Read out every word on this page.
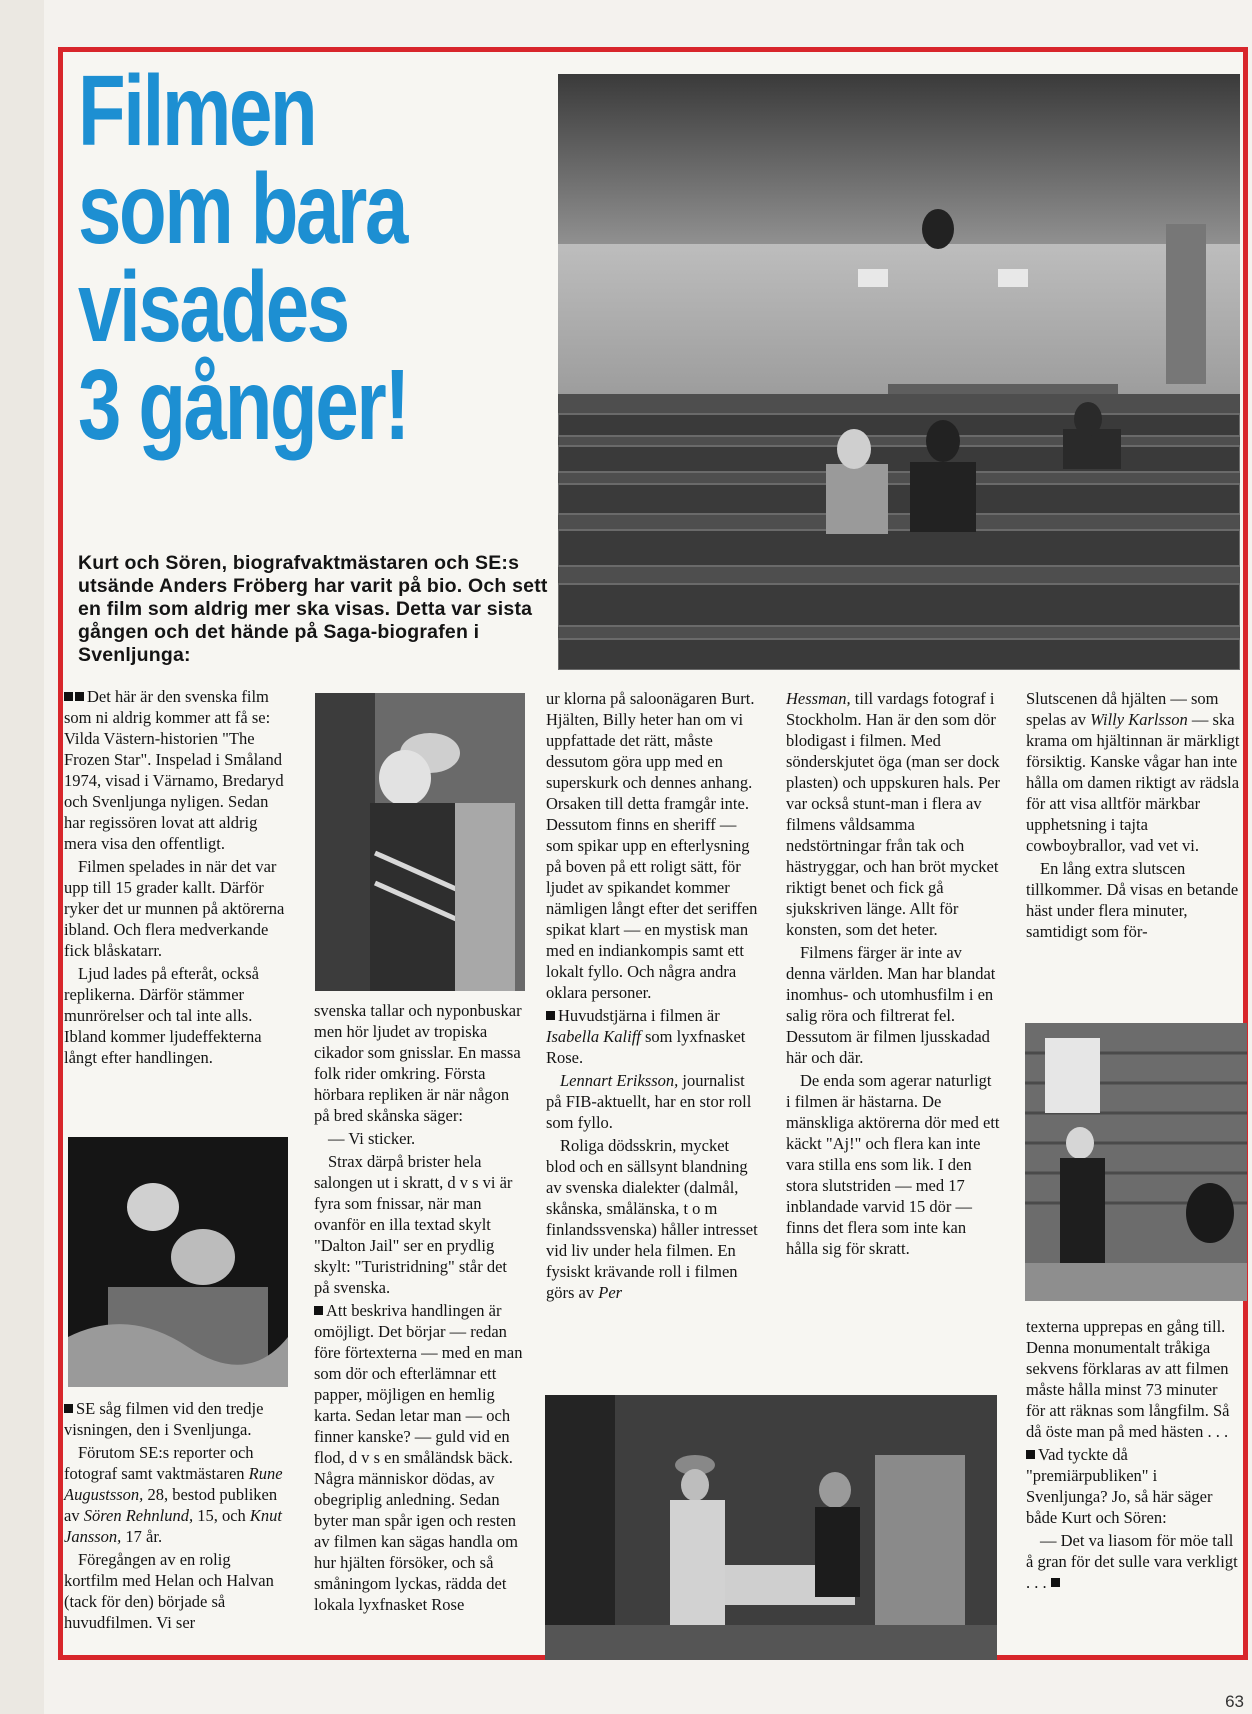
Filmen
som bara
visades
3 gånger!
Kurt och Sören, biografvaktmästaren och SE:s utsände Anders Fröberg har varit på bio. Och sett en film som aldrig mer ska visas. Detta var sista gången och det hände på Saga-biografen i Svenljunga:

Det här är den svenska film som ni aldrig kommer att få se: Vilda Västern-historien "The Frozen Star". Inspelad i Småland 1974, visad i Värnamo, Bredaryd och Svenljunga nyligen. Sedan har regissören lovat att aldrig mera visa den offentligt.

Filmen spelades in när det var upp till 15 grader kallt. Därför ryker det ur munnen på aktörerna ibland. Och flera medverkande fick blåskatarr.

Ljud lades på efteråt, också replikerna. Därför stämmer munrörelser och tal inte alls. Ibland kommer ljudeffekterna långt efter handlingen.

SE såg filmen vid den tredje visningen, den i Svenljunga.

Förutom SE:s reporter och fotograf samt vaktmästaren Rune Augustsson, 28, bestod publiken av Sören Rehnlund, 15, och Knut Jansson, 17 år.

Föregången av en rolig kortfilm med Helan och Halvan (tack för den) började så huvudfilmen. Vi ser

svenska tallar och nyponbuskar men hör ljudet av tropiska cikador som gnisslar. En massa folk rider omkring. Första hörbara repliken är när någon på bred skånska säger:

— Vi sticker.

Strax därpå brister hela salongen ut i skratt, d v s vi är fyra som fnissar, när man ovanför en illa textad skylt "Dalton Jail" ser en prydlig skylt: "Turistridning" står det på svenska.

Att beskriva handlingen är omöjligt. Det börjar — redan före förtexterna — med en man som dör och efterlämnar ett papper, möjligen en hemlig karta. Sedan letar man — och finner kanske? — guld vid en flod, d v s en småländsk bäck. Några människor dödas, av obegriplig anledning. Sedan byter man spår igen och resten av filmen kan sägas handla om hur hjälten försöker, och så småningom lyckas, rädda det lokala lyxfnasket Rose

ur klorna på saloonägaren Burt. Hjälten, Billy heter han om vi uppfattade det rätt, måste dessutom göra upp med en superskurk och dennes anhang. Orsaken till detta framgår inte. Dessutom finns en sheriff — som spikar upp en efterlysning på boven på ett roligt sätt, för ljudet av spikandet kommer nämligen långt efter det seriffen spikat klart — en mystisk man med en indiankompis samt ett lokalt fyllo. Och några andra oklara personer.

Huvudstjärna i filmen är Isabella Kaliff som lyxfnasket Rose.

Lennart Eriksson, journalist på FIB-aktuellt, har en stor roll som fyllo.

Roliga dödsskrin, mycket blod och en sällsynt blandning av svenska dialekter (dalmål, skånska, smålänska, t o m finlandssvenska) håller intresset vid liv under hela filmen. En fysiskt krävande roll i filmen görs av Per

Hessman, till vardags fotograf i Stockholm. Han är den som dör blodigast i filmen. Med sönderskjutet öga (man ser dock plasten) och uppskuren hals. Per var också stunt-man i flera av filmens våldsamma nedstörtningar från tak och hästryggar, och han bröt mycket riktigt benet och fick gå sjukskriven länge. Allt för konsten, som det heter.

Filmens färger är inte av denna världen. Man har blandat inomhus- och utomhusfilm i en salig röra och filtrerat fel. Dessutom är filmen ljusskadad här och där.

De enda som agerar naturligt i filmen är hästarna. De mänskliga aktörerna dör med ett käckt "Aj!" och flera kan inte vara stilla ens som lik. I den stora slutstriden — med 17 inblandade varvid 15 dör — finns det flera som inte kan hålla sig för skratt.

Slutscenen då hjälten — som spelas av Willy Karlsson — ska krama om hjältinnan är märkligt försiktig. Kanske vågar han inte hålla om damen riktigt av rädsla för att visa alltför märkbar upphetsning i tajta cowboybrallor, vad vet vi.

En lång extra slutscen tillkommer. Då visas en betande häst under flera minuter, samtidigt som för-

texterna upprepas en gång till. Denna monumentalt tråkiga sekvens förklaras av att filmen måste hålla minst 73 minuter för att räknas som långfilm. Så då öste man på med hästen . . .

Vad tyckte då "premiärpubliken" i Svenljunga? Jo, så här säger både Kurt och Sören:

— Det va liasom för möe tall å gran för det sulle vara verkligt . . .

63
